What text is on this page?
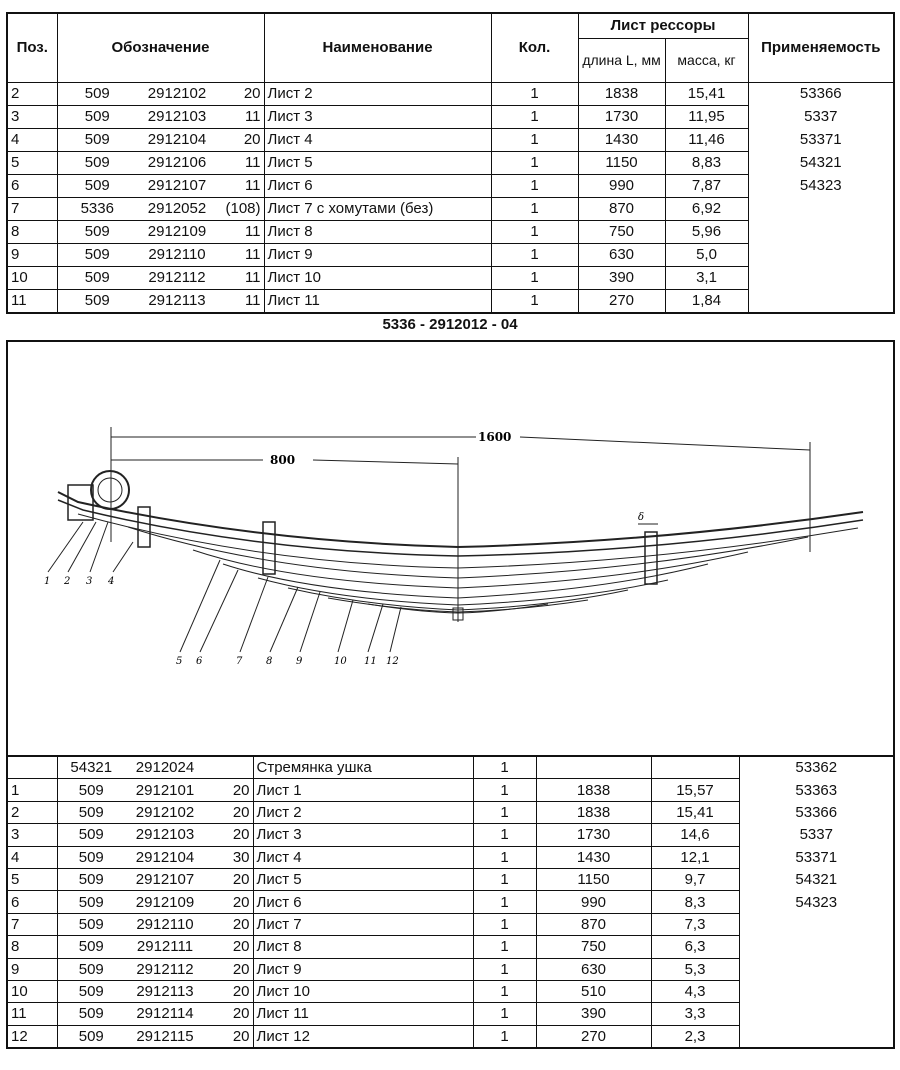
Поз.	Обозначение			Наименование	Кол.	Лист рессоры		Применяемость
						длина L, мм	масса, кг	
2	509	2912102	20	Лист 2	1	1838	15,41	53366
3	509	2912103	11	Лист 3	1	1730	11,95	5337
4	509	2912104	20	Лист 4	1	1430	11,46	53371
5	509	2912106	11	Лист 5	1	1150	8,83	54321
6	509	2912107	11	Лист 6	1	990	7,87	54323
7	5336	2912052	(108)	Лист 7 с хомутами (без)	1	870	6,92	
8	509	2912109	11	Лист 8	1	750	5,96	
9	509	2912110	11	Лист 9	1	630	5,0	
10	509	2912112	11	Лист 10	1	390	3,1	
11	509	2912113	11	Лист 11	1	270	1,84	
5336 - 2912012 - 04
1600
800
δ
1 2 3 4
5 6	7 8 9	10 11 12
	54321	2912024		Стремянка ушка	1			53362
1	509	2912101	20	Лист 1	1	1838	15,57	53363
2	509	2912102	20	Лист 2	1	1838	15,41	53366
3	509	2912103	20	Лист 3	1	1730	14,6	5337
4	509	2912104	30	Лист 4	1	1430	12,1	53371
5	509	2912107	20	Лист 5	1	1150	9,7	54321
6	509	2912109	20	Лист 6	1	990	8,3	54323
7	509	2912110	20	Лист 7	1	870	7,3	
8	509	2912111	20	Лист 8	1	750	6,3	
9	509	2912112	20	Лист 9	1	630	5,3	
10	509	2912113	20	Лист 10	1	510	4,3	
11	509	2912114	20	Лист 11	1	390	3,3	
12	509	2912115	20	Лист 12	1	270	2,3	
